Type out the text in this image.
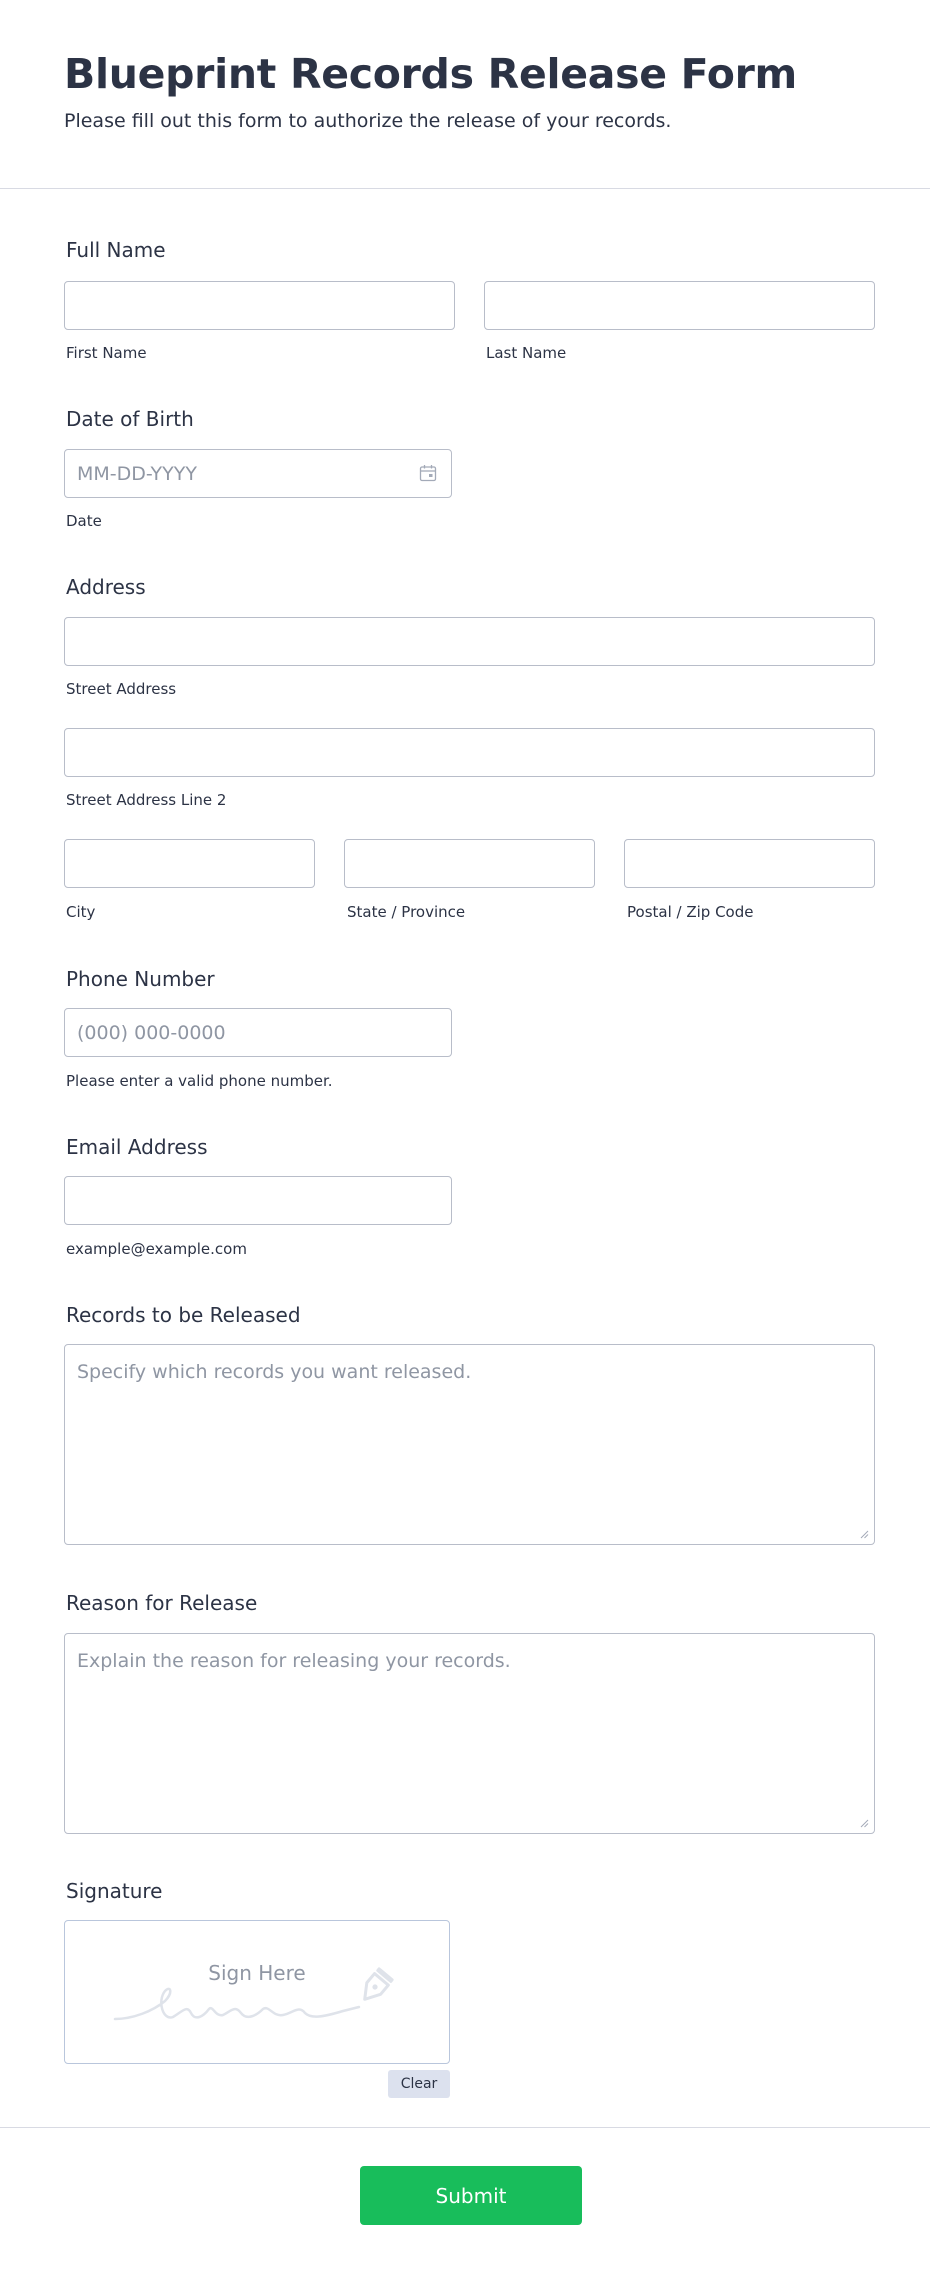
Blueprint Records Release Form
Please fill out this form to authorize the release of your records.
Full Name
First Name	Last Name
Date of Birth
MM-DD-YYYY
Date
Address
Street Address
Street Address Line 2
City	State / Province	Postal / Zip Code
Phone Number
(000) 000-0000
Please enter a valid phone number.
Email Address
example@example.com
Records to be Released
Specify which records you want released.
Reason for Release
Explain the reason for releasing your records.
Signature
Sign Here
Clear
Submit
